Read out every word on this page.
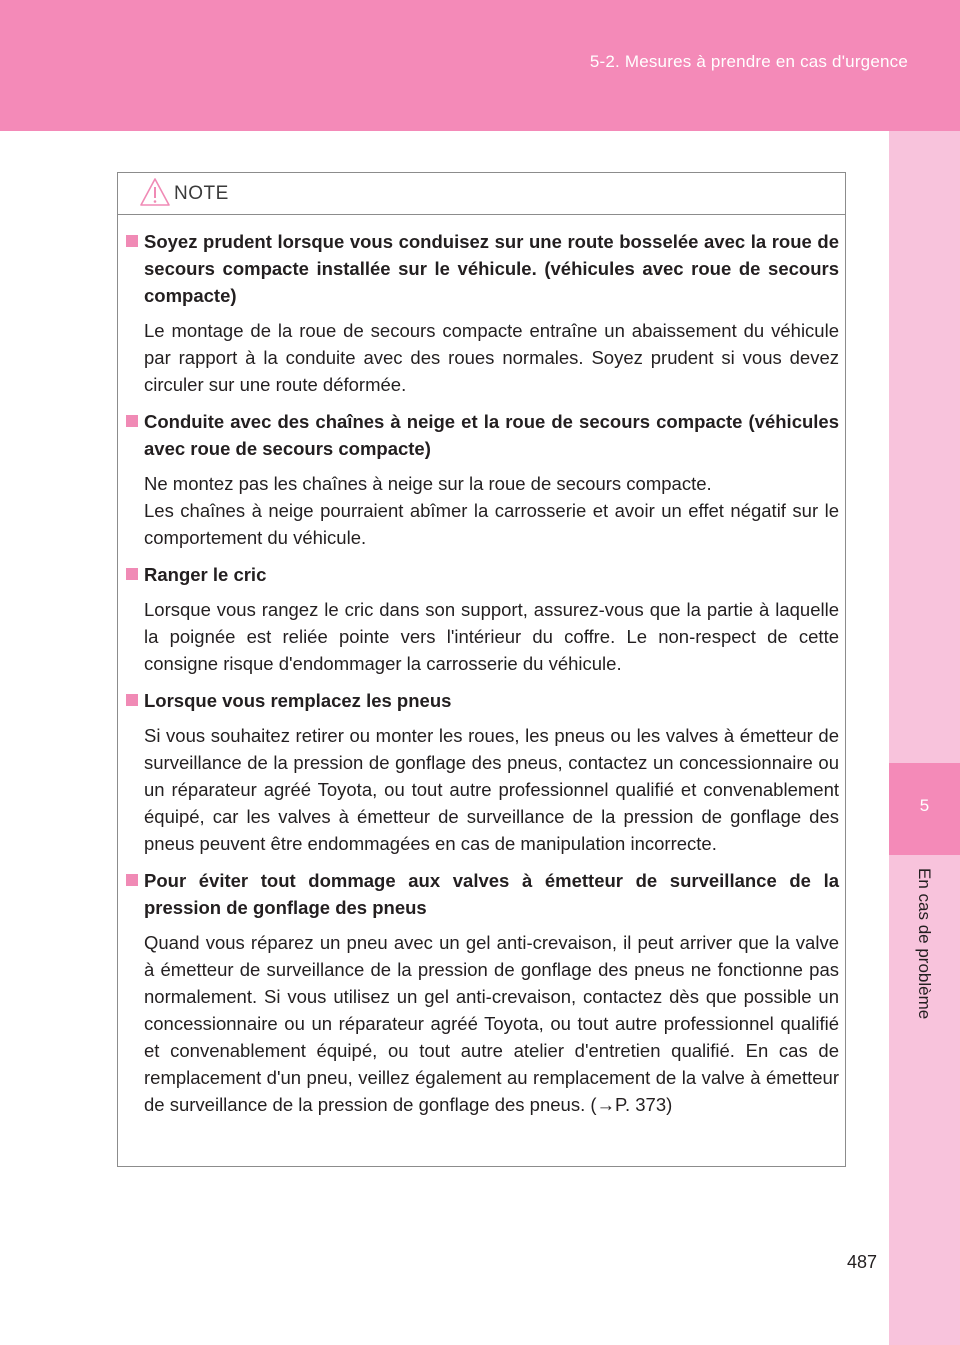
5-2. Mesures à prendre en cas d'urgence
5
En cas de problème
NOTE

Soyez prudent lorsque vous conduisez sur une route bosselée avec la roue de secours compacte installée sur le véhicule. (véhicules avec roue de secours compacte)

Le montage de la roue de secours compacte entraîne un abaissement du véhicule par rapport à la conduite avec des roues normales. Soyez prudent si vous devez circuler sur une route déformée.

Conduite avec des chaînes à neige et la roue de secours compacte (véhicules avec roue de secours compacte)

Ne montez pas les chaînes à neige sur la roue de secours compacte.
Les chaînes à neige pourraient abîmer la carrosserie et avoir un effet négatif sur le comportement du véhicule.

Ranger le cric

Lorsque vous rangez le cric dans son support, assurez-vous que la partie à laquelle la poignée est reliée pointe vers l'intérieur du coffre. Le non-respect de cette consigne risque d'endommager la carrosserie du véhicule.

Lorsque vous remplacez les pneus

Si vous souhaitez retirer ou monter les roues, les pneus ou les valves à émetteur de surveillance de la pression de gonflage des pneus, contactez un concessionnaire ou un réparateur agréé Toyota, ou tout autre professionnel qualifié et convenablement équipé, car les valves à émetteur de surveillance de la pression de gonflage des pneus peuvent être endommagées en cas de manipulation incorrecte.

Pour éviter tout dommage aux valves à émetteur de surveillance de la pression de gonflage des pneus

Quand vous réparez un pneu avec un gel anti-crevaison, il peut arriver que la valve à émetteur de surveillance de la pression de gonflage des pneus ne fonctionne pas normalement. Si vous utilisez un gel anti-crevaison, contactez dès que possible un concessionnaire ou un réparateur agréé Toyota, ou tout autre professionnel qualifié et convenablement équipé, ou tout autre atelier d'entretien qualifié. En cas de remplacement d'un pneu, veillez également au remplacement de la valve à émetteur de surveillance de la pression de gonflage des pneus. (→P. 373)

487
